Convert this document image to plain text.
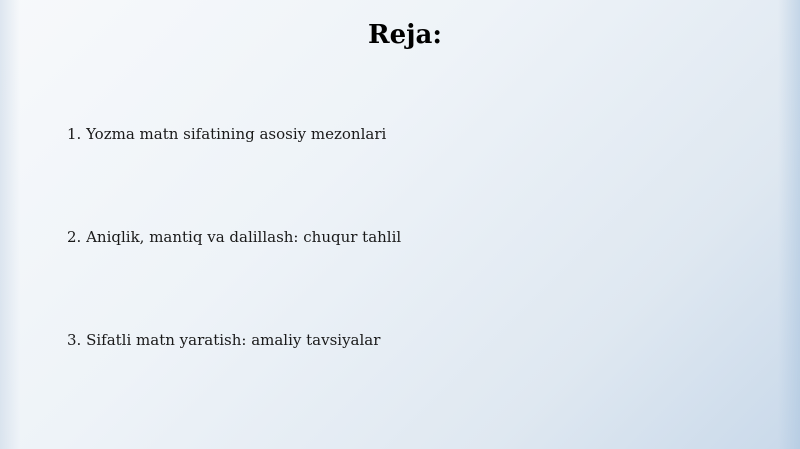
Reja:
1. Yozma matn sifatining asosiy mezonlari
2. Aniqlik, mantiq va dalillash: chuqur tahlil
3. Sifatli matn yaratish: amaliy tavsiyalar
